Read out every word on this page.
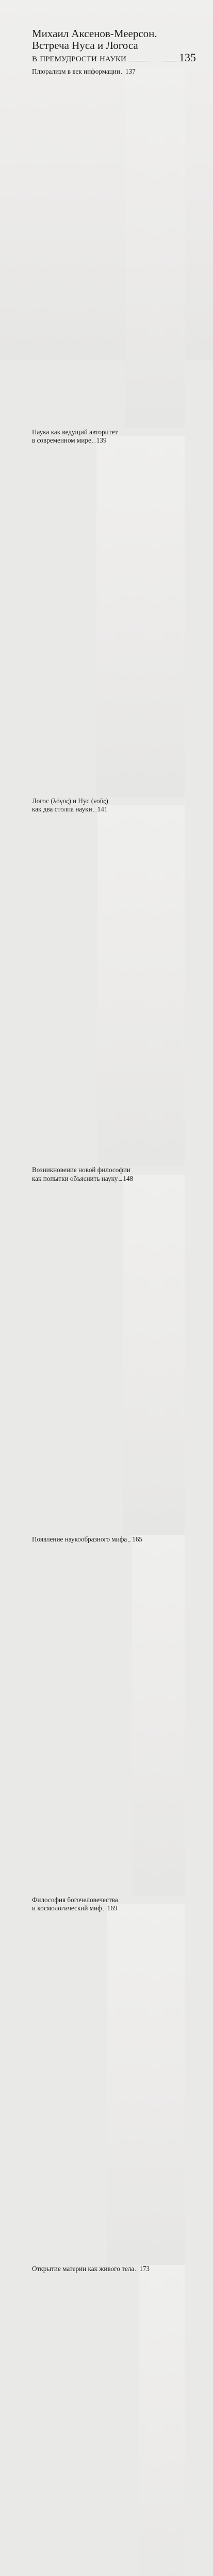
Михаил Аксенов-Меерсон.
Встреча Нуса и Логоса
в премудрости науки	135
Плюрализм в век информации 137
Наука как ведущий авторитет
в современном мире 139
Логос (λόγος) и Нус (νοῦς)
как два столпа науки 141
Возникновение новой философии
как попытки объяснить науку 148
Появление наукообразного мифа 165
Философия богочеловечества
и космологический миф 169
Открытие материи как живого тела 173
